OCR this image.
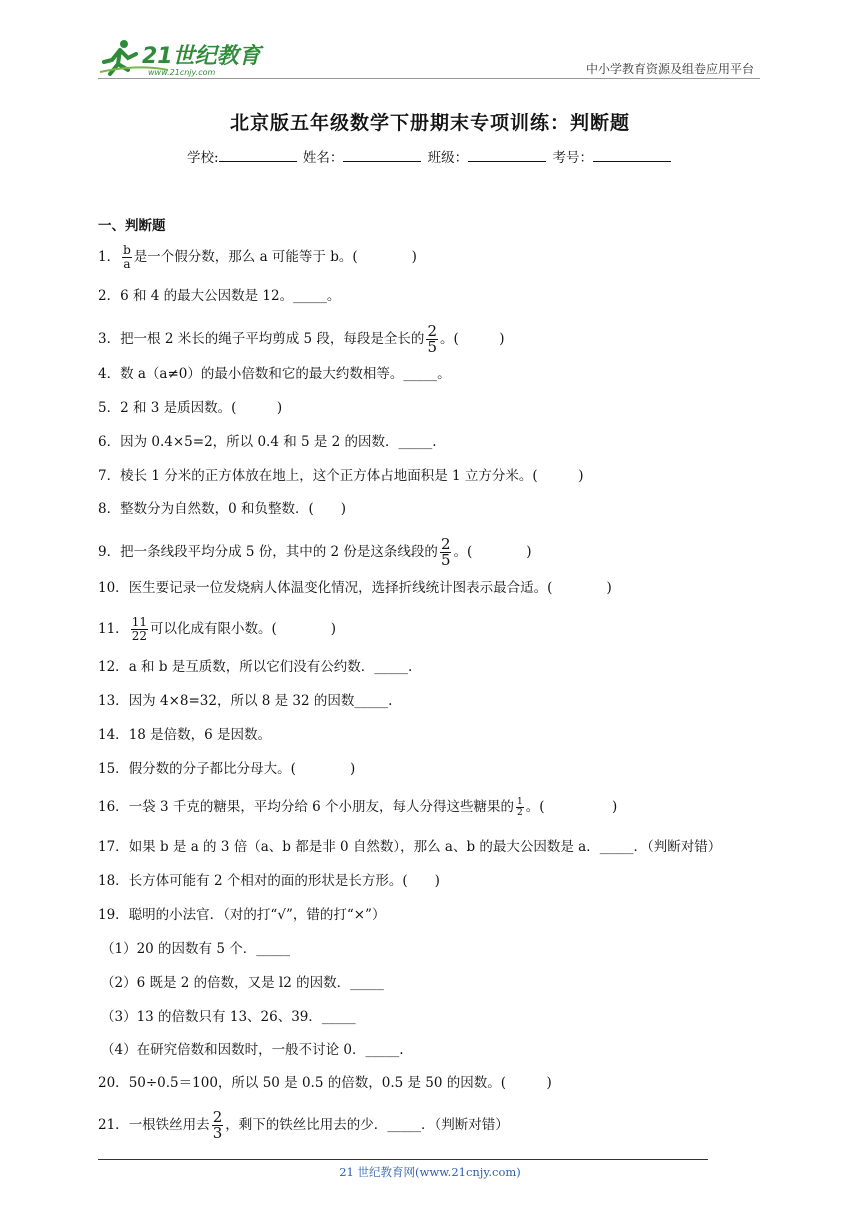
21世纪教育
www.21cnjy.com	中小学教育资源及组卷应用平台
北京版五年级数学下册期末专项训练：判断题
学校:	姓名：	班级：	考号：
一、判断题
1． $\frac{b}{a}$ 是一个假分数，那么 a 可能等于 b。(　　　　)
2．6 和 4 的最大公因数是 12。_____。
3．把一根 2 米长的绳子平均剪成 5 段，每段是全长的 $\frac{2}{5}$ 。(　　　)
4．数 a（a≠0）的最小倍数和它的最大约数相等。_____。
5．2 和 3 是质因数。(　　　)
6．因为 0.4×5=2，所以 0.4 和 5 是 2 的因数．_____.
7．棱长 1 分米的正方体放在地上，这个正方体占地面积是 1 立方分米。(　　　)
8．整数分为自然数，0 和负整数．(　　)
9．把一条线段平均分成 5 份，其中的 2 份是这条线段的 $\frac{2}{5}$ 。(　　　　)
10．医生要记录一位发烧病人体温变化情况，选择折线统计图表示最合适。(　　　　)
11． $\frac{11}{22}$ 可以化成有限小数。(　　　　)
12．a 和 b 是互质数，所以它们没有公约数．_____.
13．因为 4×8=32，所以 8 是 32 的因数_____.
14．18 是倍数，6 是因数。
15．假分数的分子都比分母大。(　　　　)
16．一袋 3 千克的糖果，平均分给 6 个小朋友，每人分得这些糖果的 $\frac{1}{2}$ 。(　　　　　)
17．如果 b 是 a 的 3 倍（a、b 都是非 0 自然数），那么 a、b 的最大公因数是 a．_____．（判断对错）
18．长方体可能有 2 个相对的面的形状是长方形。(　　)
19．聪明的小法官．（对的打“√”，错的打“×”）
（1）20 的因数有 5 个．_____
（2）6 既是 2 的倍数，又是 l2 的因数．_____
（3）13 的倍数只有 13、26、39．_____
（4）在研究倍数和因数时，一般不讨论 0．_____.
20．50÷0.5＝100，所以 50 是 0.5 的倍数，0.5 是 50 的因数。(　　　)
21．一根铁丝用去 $\frac{2}{3}$ ，剩下的铁丝比用去的少．_____．（判断对错）
21 世纪教育网(www.21cnjy.com)
